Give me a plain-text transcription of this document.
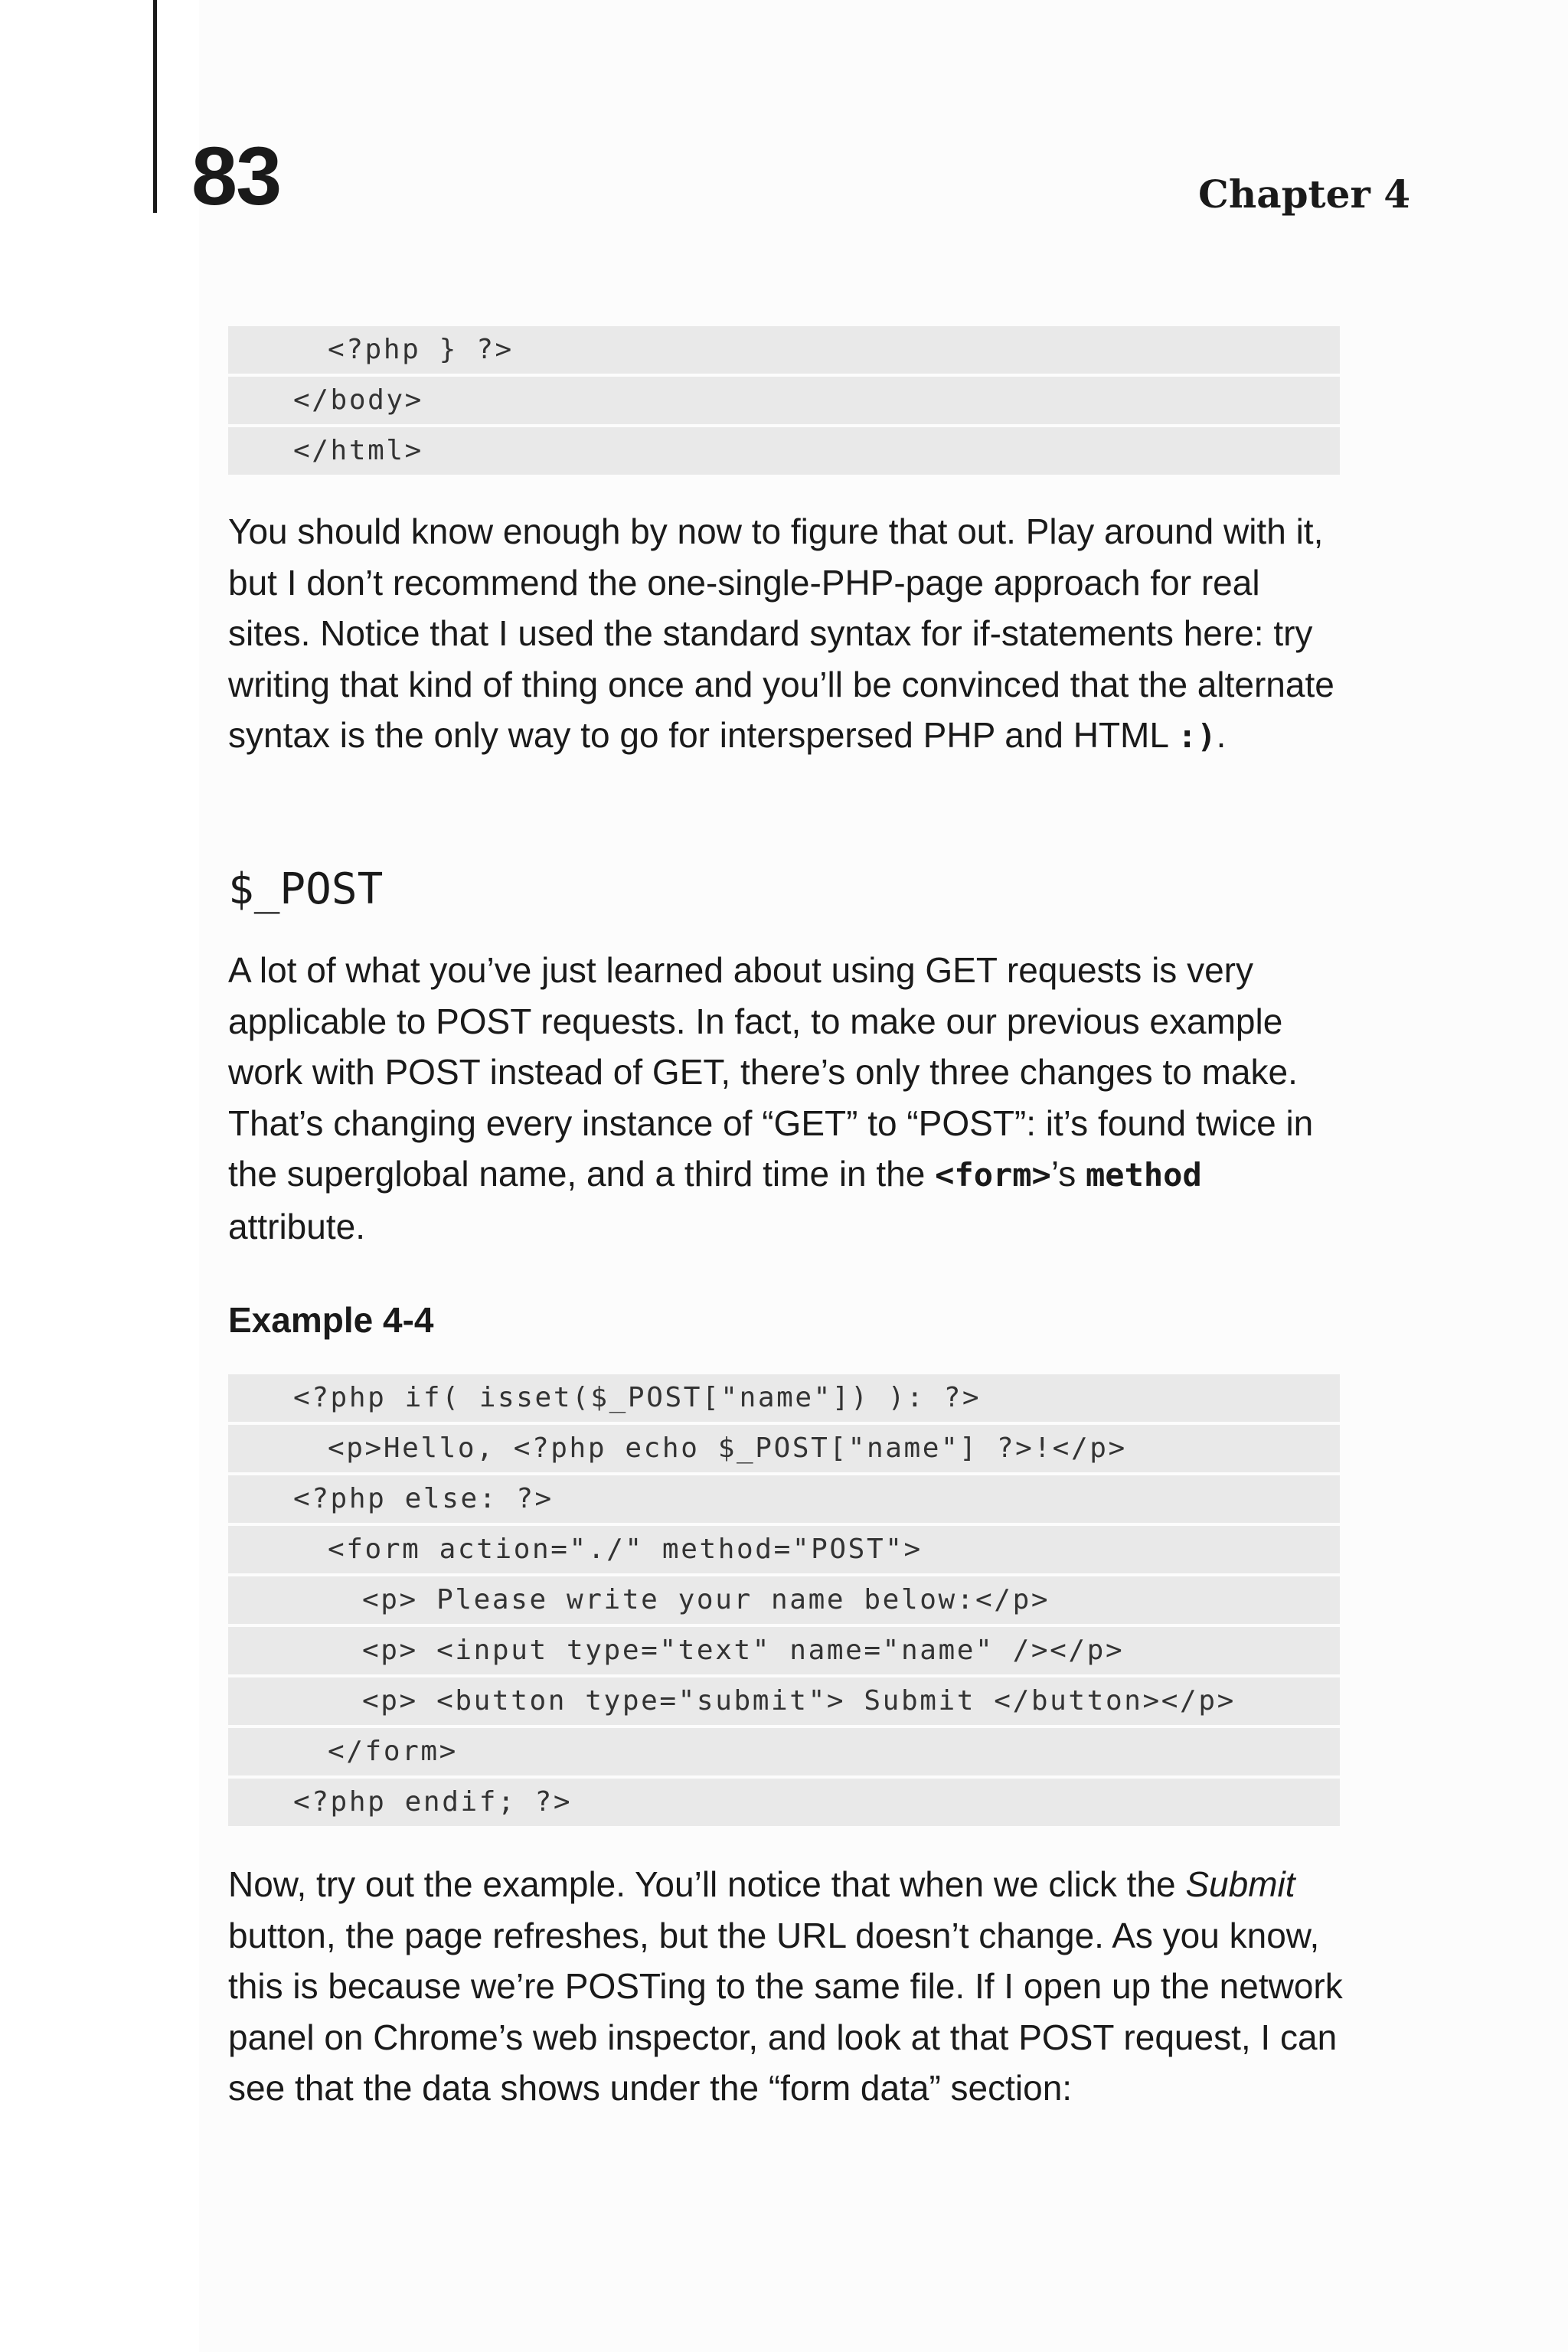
83	Chapter 4
<?php } ?>
</body>
</html>

You should know enough by now to figure that out. Play around with it, but I don’t recommend the one-single-PHP-page approach for real sites. Notice that I used the standard syntax for if-statements here: try writing that kind of thing once and you’ll be convinced that the alternate syntax is the only way to go for interspersed PHP and HTML :).

$_POST

A lot of what you’ve just learned about using GET requests is very applicable to POST requests. In fact, to make our previous example work with POST instead of GET, there’s only three changes to make. That’s changing every instance of “GET” to “POST”: it’s found twice in the superglobal name, and a third time in the <form>’s method attribute.

Example 4-4
<?php if( isset($_POST["name"]) ): ?>
<p>Hello, <?php echo $_POST["name"] ?>!</p>
<?php else: ?>
<form action="./" method="POST">
<p> Please write your name below:</p>
<p> <input type="text" name="name" /></p>
<p> <button type="submit"> Submit </button></p>
</form>
<?php endif; ?>

Now, try out the example. You’ll notice that when we click the Submit button, the page refreshes, but the URL doesn’t change. As you know, this is because we’re POSTing to the same file. If I open up the network panel on Chrome’s web inspector, and look at that POST request, I can see that the data shows under the “form data” section:
